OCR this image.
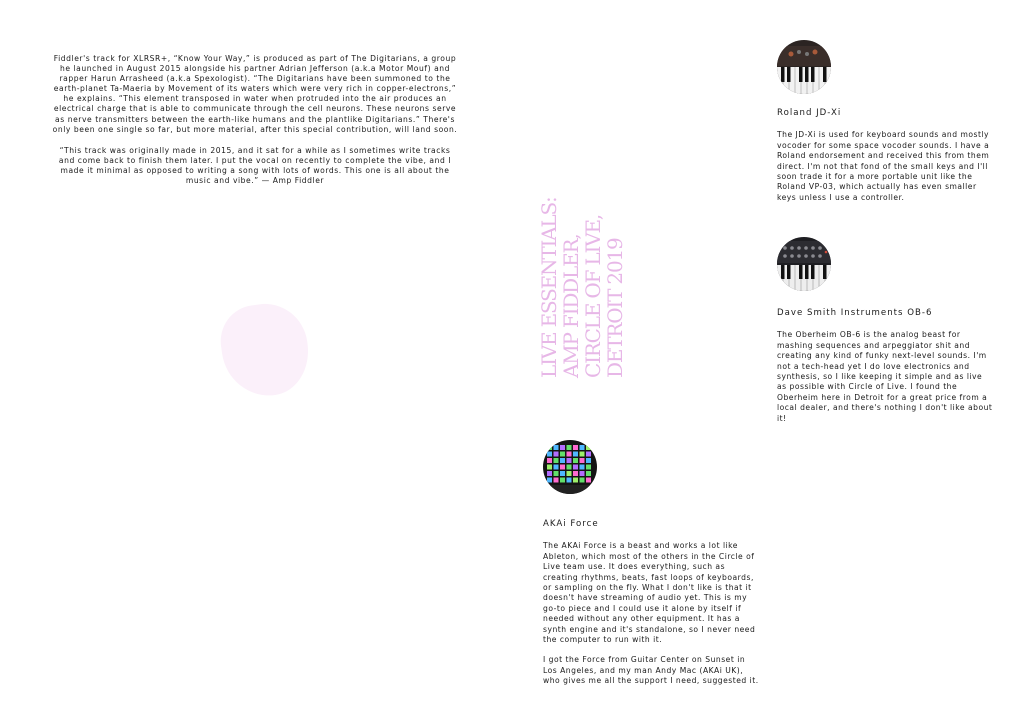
Fiddler's track for XLRSR+, “Know Your Way,” is produced as part of The Digitarians, a group he launched in August 2015 alongside his partner Adrian Jefferson (a.k.a Motor Mouf) and rapper Harun Arrasheed (a.k.a Spexologist). “The Digitarians have been summoned to the earth-planet Ta-Maeria by Movement of its waters which were very rich in copper-electrons,” he explains. “This element transposed in water when protruded into the air produces an electrical charge that is able to communicate through the cell neurons. These neurons serve as nerve transmitters between the earth-like humans and the plantlike Digitarians.” There's only been one single so far, but more material, after this special contribution, will land soon.

“This track was originally made in 2015, and it sat for a while as I sometimes write tracks and come back to finish them later. I put the vocal on recently to complete the vibe, and I made it minimal as opposed to writing a song with lots of words. This one is all about the music and vibe.” — Amp Fiddler

LIVE ESSENTIALS:
AMP FIDDLER,
CIRCLE OF LIVE,
DETROIT 2019
Roland JD-Xi

The JD-Xi is used for keyboard sounds and mostly vocoder for some space vocoder sounds. I have a Roland endorsement and received this from them direct. I'm not that fond of the small keys and I'll soon trade it for a more portable unit like the Roland VP-03, which actually has even smaller keys unless I use a controller.

Dave Smith Instruments OB-6

The Oberheim OB-6 is the analog beast for mashing sequences and arpeggiator shit and creating any kind of funky next-level sounds. I'm not a tech-head yet I do love electronics and synthesis, so I like keeping it simple and as live as possible with Circle of Live. I found the Oberheim here in Detroit for a great price from a local dealer, and there's nothing I don't like about it!

AKAi Force

The AKAi Force is a beast and works a lot like Ableton, which most of the others in the Circle of Live team use. It does everything, such as creating rhythms, beats, fast loops of keyboards, or sampling on the fly. What I don't like is that it doesn't have streaming of audio yet. This is my go-to piece and I could use it alone by itself if needed without any other equipment. It has a synth engine and it's standalone, so I never need the computer to run with it.

I got the Force from Guitar Center on Sunset in Los Angeles, and my man Andy Mac (AKAi UK), who gives me all the support I need, suggested it.
